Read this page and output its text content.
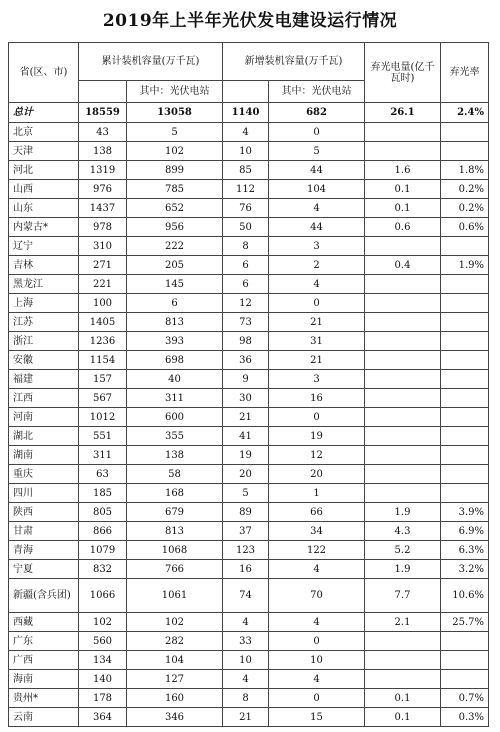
2019年上半年光伏发电建设运行情况
省(区、市)	累计装机容量(万千瓦)		新增装机容量(万千瓦)		弃光电量(亿千瓦时)	弃光率
		其中：光伏电站		其中：光伏电站		
总计	18559	13058	1140	682	26.1	2.4%
北京	43	5	4	0		
天津	138	102	10	5		
河北	1319	899	85	44	1.6	1.8%
山西	976	785	112	104	0.1	0.2%
山东	1437	652	76	4	0.1	0.2%
内蒙古*	978	956	50	44	0.6	0.6%
辽宁	310	222	8	3		
吉林	271	205	6	2	0.4	1.9%
黑龙江	221	145	6	4		
上海	100	6	12	0		
江苏	1405	813	73	21		
浙江	1236	393	98	31		
安徽	1154	698	36	21		
福建	157	40	9	3		
江西	567	311	30	16		
河南	1012	600	21	0		
湖北	551	355	41	19		
湖南	311	138	19	12		
重庆	63	58	20	20		
四川	185	168	5	1		
陕西	805	679	89	66	1.9	3.9%
甘肃	866	813	37	34	4.3	6.9%
青海	1079	1068	123	122	5.2	6.3%
宁夏	832	766	16	4	1.9	3.2%
新疆(含兵团)	1066	1061	74	70	7.7	10.6%
西藏	102	102	4	4	2.1	25.7%
广东	560	282	33	0		
广西	134	104	10	10		
海南	140	127	4	4		
贵州*	178	160	8	0	0.1	0.7%
云南	364	346	21	15	0.1	0.3%
